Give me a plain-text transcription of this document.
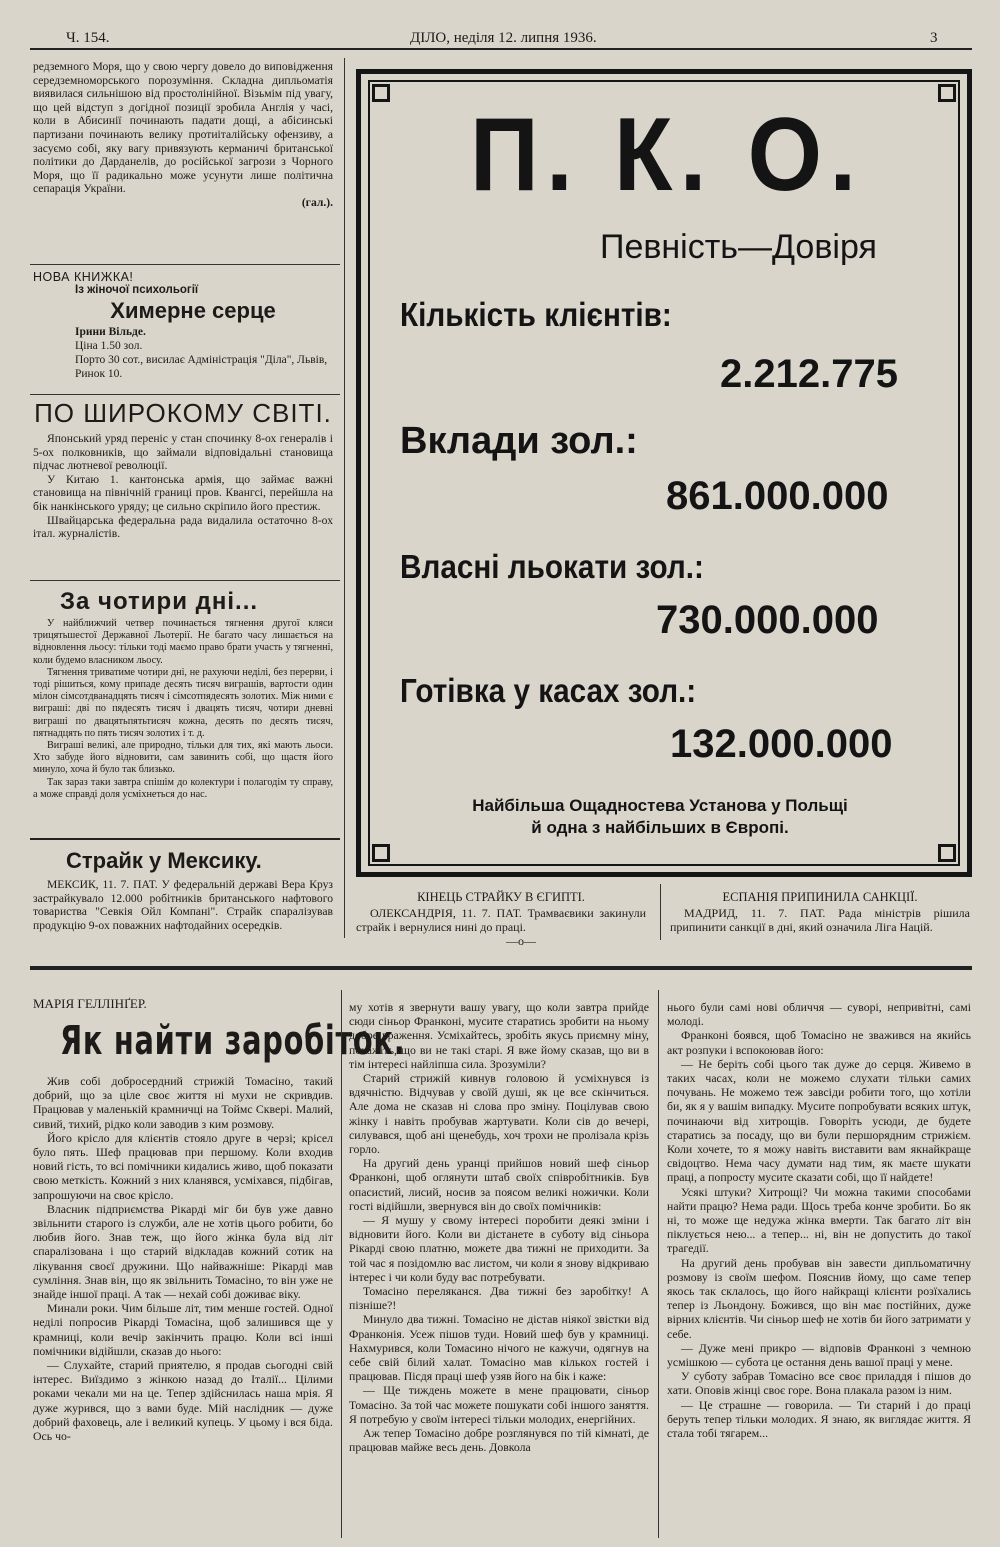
Ч. 154.	ДІЛО, неділя 12. липня 1936.	3

редземного Моря, що у свою чергу довело до виповідження середземноморського порозуміння. Складна дипльоматія виявилася сильнішою від простолінійної. Візьмім під увагу, що цей відступ з догідної позиції зробила Англія у часі, коли в Абисинії починають падати дощі, а абісинські партизани починають велику протиіталійську офензиву, а засуємо собі, яку вагу привязують керманичі британської політики до Дарданелів, до російської загрози з Чорного Моря, що її радикально може усунути лише політична сепарація України.

(гал.).
НОВА КНИЖКА!
Із жіночої психольогії
Химерне серце
Ірини Вільде.
Ціна 1.50 зол.
Порто 30 сот., висилає Адміністрація "Діла", Львів, Ринок 10.
ПО ШИРОКОМУ СВІТІ.

Японський уряд переніс у стан спочинку 8-ох генералів і 5-ох полковників, що займали відповідальні становища підчас лютневої революції.

У Китаю 1. кантонська армія, що займає важні становища на північній границі пров. Квангсі, перейшла на бік нанкінського уряду; це сильно скріпило його престиж.

Швайцарська федеральна рада видалила остаточно 8-ох італ. журналістів.

За чотири дні...

У найближчий четвер починається тягнення другої кляси трицятьшестої Державної Льотерії. Не багато часу лишається на відновлення льосу: тільки тоді маємо право брати участь у тягненні, коли будемо власником льосу.

Тягнення триватиме чотири дні, не рахуючи неділі, без перерви, і тоді рішиться, кому припаде десять тисяч виграшів, вартости один мілон сімсотдванадцять тисяч і сімсотпядесять золотих. Між ними є виграші: дві по пядесять тисяч і двацять тисяч, чотири дневні виграші по двацятьпятьтисяч кожна, десять по десять тисяч, пятнадцять по пять тисяч золотих і т. д.

Виграші великі, але природно, тільки для тих, які мають льоси. Хто забуде його відновити, сам завинить собі, що щастя його минуло, хоча й було так близько.

Так зараз таки завтра спішім до колектури і полагодім ту справу, а може справді доля усміхнеться до нас.

Страйк у Мексику.

МЕКСИК, 11. 7. ПАТ. У федеральній державі Вера Круз застрайкувало 12.000 робітників британського нафтового товариства "Севкія Ойл Компані". Страйк спаралізував продукцію 9-ох поважних нафтодайних осередків.

П. К. О.
Певність—Довіря
Кількість клієнтів:
2.212.775
Вклади зол.:
861.000.000
Власні льокати зол.:
730.000.000
Готівка у касах зол.:
132.000.000
Найбільша Ощадностева Установа у Польщі
й одна з найбільших в Європі.
КІНЕЦЬ СТРАЙКУ В ЄГИПТІ.

ОЛЕКСАНДРІЯ, 11. 7. ПАТ. Трамваєвики закинули страйк і вернулися нині до праці.

—о—
ЕСПАНІЯ ПРИПИНИЛА САНКЦІЇ.

МАДРИД, 11. 7. ПАТ. Рада міністрів рішила припинити санкції в дні, який означила Ліга Націй.

МАРІЯ ГЕЛЛІНҐЕР.
Як найти заробіток.

Жив собі добросердний стрижій Томасіно, такий добрий, що за ціле своє життя ні мухи не скривдив. Працював у маленькій крамничці на Тоймс Сквері. Малий, сивий, тихий, рідко коли заводив з ким розмову.

Його крісло для клієнтів стояло друге в черзі; крісел було пять. Шеф працював при першому. Коли входив новий гість, то всі помічники кидались живо, щоб показати свою меткість. Кожний з них кланявся, усміхався, підбігав, запрошуючи на своє крісло.

Власник підприємства Рікарді міг би був уже давно звільнити старого із служби, але не хотів цього робити, бо любив його. Знав теж, що його жінка була від літ спаралізована і що старий відкладав кожний сотик на лікування своєї дружини. Що найважніше: Рікарді мав сумління. Знав він, що як звільнить Томасіно, то він уже не знайде іншої праці. А так — нехай собі доживає віку.

Минали роки. Чим більше літ, тим менше гостей. Одної неділі попросив Рікарді Томасіна, щоб залишився ще у крамниці, коли вечір закінчить працю. Коли всі інші помічники відійшли, сказав до нього:

— Слухайте, старий приятелю, я продав сьогодні свій інтерес. Виїздимо з жінкою назад до Італії... Цілими роками чекали ми на це. Тепер здійснилась наша мрія. Я дуже журився, що з вами буде. Мій наслідник — дуже добрий фаховець, але і великий купець. У цьому і вся біда. Ось чо-

му хотів я звернути вашу увагу, що коли завтра прийде сюди сіньор Франконі, мусите старатись зробити на ньому добре враження. Усміхайтесь, зробіть якусь приємну міну, покажіть, що ви не такі старі. Я вже йому сказав, що ви в тім інтересі найліпша сила. Зрозуміли?

Старий стрижій кивнув головою й усміхнувся із вдячністю. Відчував у своїй душі, як це все скінчиться. Але дома не сказав ні слова про зміну. Поцілував свою жінку і навіть пробував жартувати. Коли сів до вечері, силувався, щоб ані щенебудь, хоч трохи не пролізала крізь горло.

На другий день уранці прийшов новий шеф сіньор Франконі, щоб оглянути штаб своїх співробітників. Був опасистий, лисий, носив за поясом великі ножички. Коли гості відійшли, звернувся він до своїх помічників:

— Я мушу у свому інтересі поробити деякі зміни і відновити його. Коли ви дістанете в суботу від сіньора Рікарді свою платню, можете два тижні не приходити. За той час я позідомлю вас листом, чи коли я знову відкриваю інтерес і чи коли буду вас потребувати.

Томасіно переляканся. Два тижні без заробітку! А пізніше?!

Минуло два тижні. Томасіно не дістав ніякої звістки від Франконія. Усеж пішов туди. Новий шеф був у крамниці. Нахмурився, коли Томасино нічого не кажучи, одягнув на себе свій білий халат. Томасіно мав кількох гостей і працював. Пісдя праці шеф узяв його на бік і каже:

— Ще тиждень можете в мене працювати, сіньор Томасіно. За той час можете пошукати собі іншого заняття. Я потребую у своїм інтересі тільки молодих, енергійних.

Аж тепер Томасіно добре розглянувся по тій кімнаті, де працював майже весь день. Довкола

нього були самі нові обличчя — суворі, непривітні, самі молоді.

Франконі боявся, щоб Томасіно не зважився на якийсь акт розпуки і вспокоював його:

— Не беріть собі цього так дуже до серця. Живемо в таких часах, коли не можемо слухати тільки самих почувань. Не можемо теж завсіди робити того, що хотіли би, як я у вашім випадку. Мусите попробувати всяких штук, починаючи від хитрощів. Говоріть усюди, де будете старатись за посаду, що ви були першорядним стрижієм. Коли хочете, то я можу навіть виставити вам якнайкраще свідоцтво. Нема часу думати над тим, як маєте шукати праці, а попросту мусите сказати собі, що її найдете!

Усякі штуки? Хитрощі? Чи можна такими способами найти працю? Нема ради. Щось треба конче зробити. Бо як ні, то може ще недужа жінка вмерти. Так багато літ він піклується нею... а тепер... ні, він не допустить до такої трагедії.

На другий день пробував він завести дипльоматичну розмову із своїм шефом. Пояснив йому, що саме тепер якось так склалось, що його найкращі клієнти розїхались тепер із Льондону. Божився, що він має постійних, дуже вірних клієнтів. Чи сіньор шеф не хотів би його затримати у себе.

— Дуже мені прикро — відповів Франконі з чемною усмішкою — субота це остання день вашої праці у мене.

У суботу забрав Томасіно все своє приладдя і пішов до хати. Оповів жінці своє горе. Вона плакала разом із ним.

— Це страшне — говорила. — Ти старий і до праці беруть тепер тільки молодих. Я знаю, як виглядає життя. Я стала тобі тягарем...
